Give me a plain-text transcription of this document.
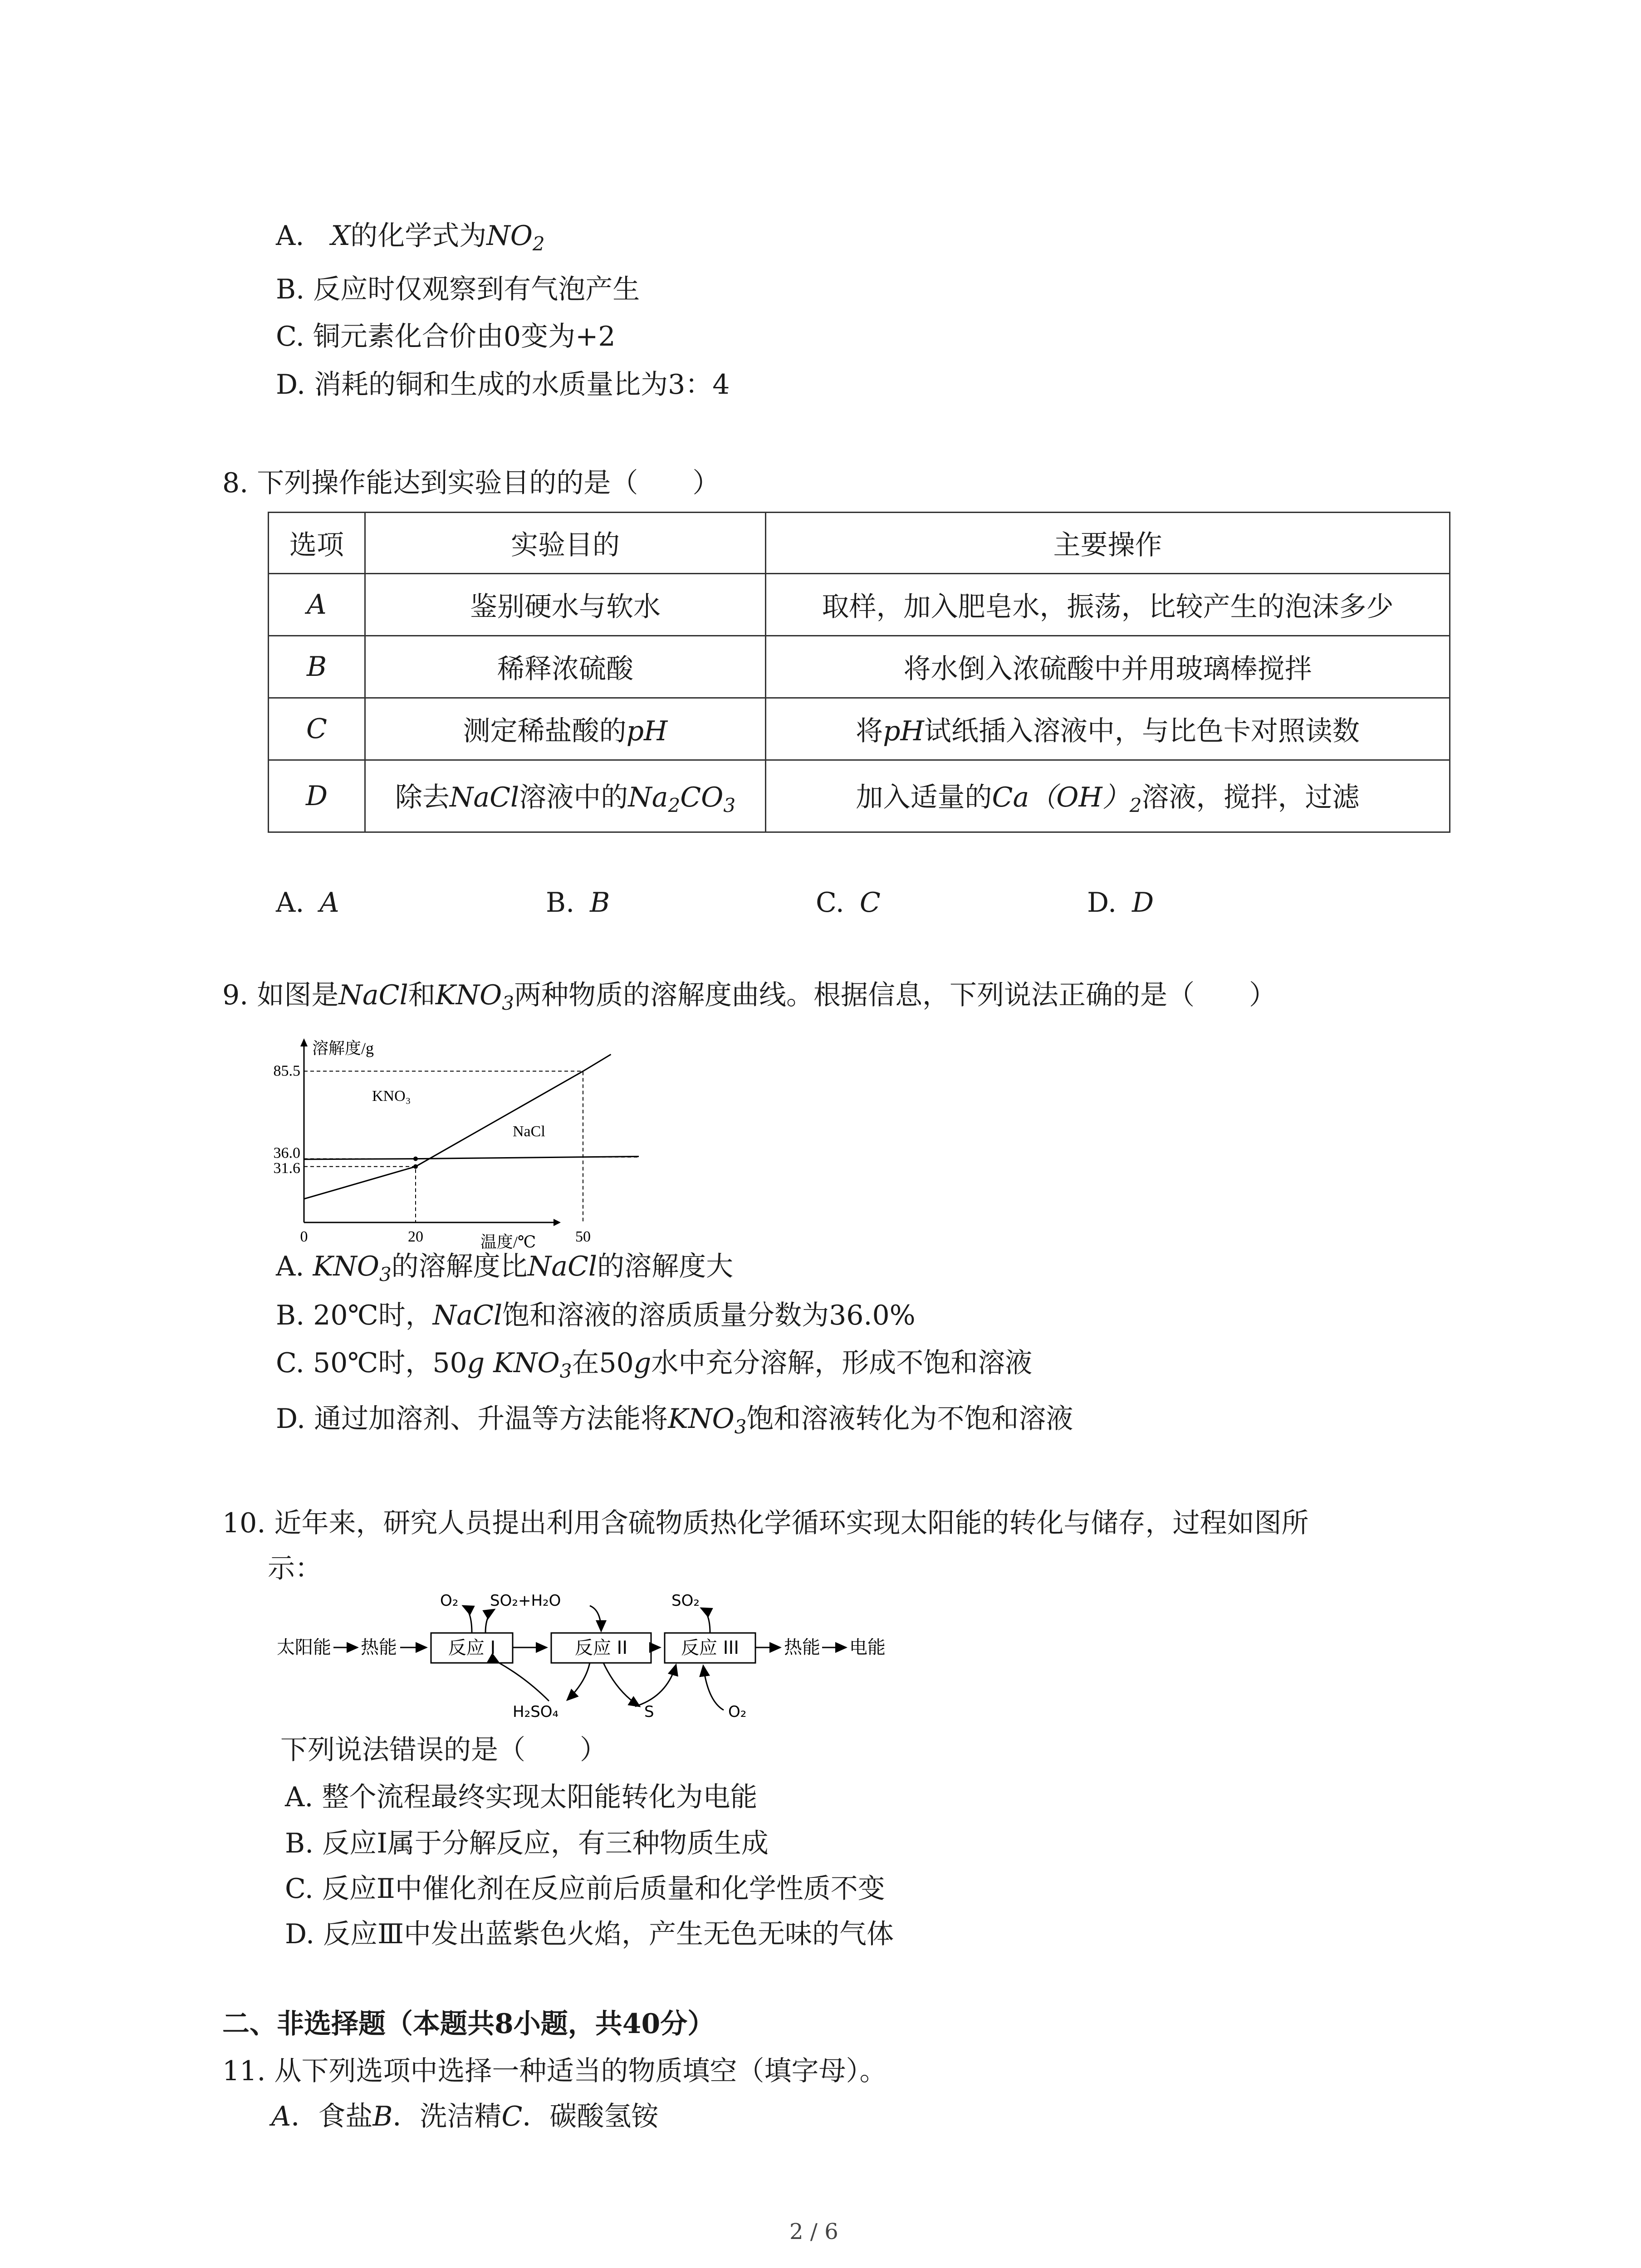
A. X的化学式为$NO_2$
B. 反应时仅观察到有气泡产生
C. 铜元素化合价由0变为+2
D. 消耗的铜和生成的水质量比为3：4
8. 下列操作能达到实验目的的是（　　）
选项	实验目的	主要操作
A	鉴别硬水与软水	取样，加入肥皂水，振荡，比较产生的泡沫多少
B	稀释浓硫酸	将水倒入浓硫酸中并用玻璃棒搅拌
C	测定稀盐酸的pH	将pH试纸插入溶液中，与比色卡对照读数
D	除去NaCl溶液中的$Na_2CO_3$	加入适量的$Ca(OH)_2$溶液，搅拌，过滤
A. A	B. B	C. C	D. D
9. 如图是NaCl和$KNO_3$两种物质的溶解度曲线。根据信息，下列说法正确的是（　　）
溶解度/g
温度/℃
0	20	50
31.6
36.0
85.5
KNO₃
NaCl
A. $KNO_3$的溶解度比NaCl的溶解度大
B. 20℃时，NaCl饱和溶液的溶质质量分数为36.0%
C. 50℃时，50g $KNO_3$在50g水中充分溶解，形成不饱和溶液
D. 通过加溶剂、升温等方法能将$KNO_3$饱和溶液转化为不饱和溶液
10. 近年来，研究人员提出利用含硫物质热化学循环实现太阳能的转化与储存，过程如图所
示：
太阳能 热能	反应 I	反应 II	反应 III 热能 电能
O₂ SO₂+H₂O	SO₂
H₂SO₄	S	O₂
下列说法错误的是（　　）
A. 整个流程最终实现太阳能转化为电能
B. 反应Ⅰ属于分解反应，有三种物质生成
C. 反应Ⅱ中催化剂在反应前后质量和化学性质不变
D. 反应Ⅲ中发出蓝紫色火焰，产生无色无味的气体
二、非选择题（本题共8小题，共40分）
11. 从下列选项中选择一种适当的物质填空（填字母）。
A．食盐B．洗洁精C．碳酸氢铵
2 / 6
